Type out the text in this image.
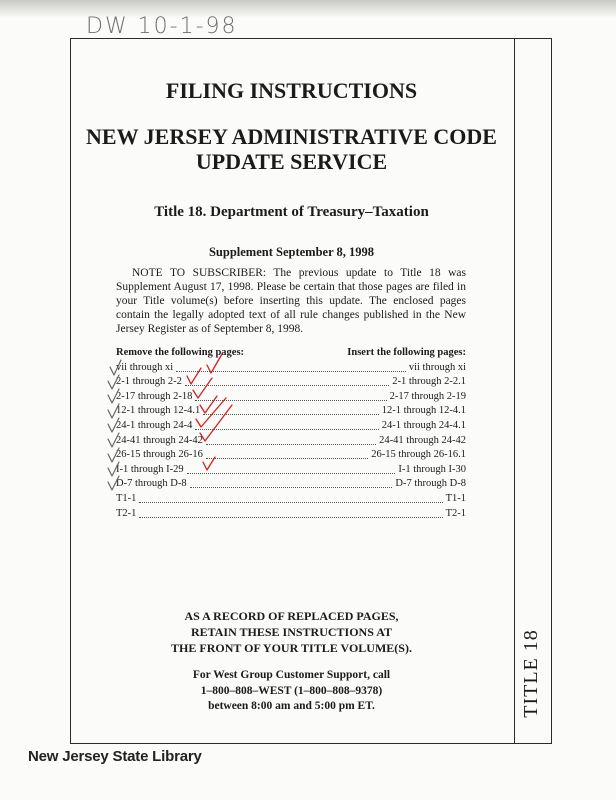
DW 10-1-98
TITLE 18
FILING INSTRUCTIONS
NEW JERSEY ADMINISTRATIVE CODE
UPDATE SERVICE
Title 18. Department of Treasury–Taxation
Supplement September 8, 1998
NOTE TO SUBSCRIBER: The previous update to Title 18 was Supplement August 17, 1998. Please be certain that those pages are filed in your Title volume(s) before inserting this update. The enclosed pages contain the legally adopted text of all rule changes published in the New Jersey Register as of September 8, 1998.
Remove the following pages:	Insert the following pages:
vii through xi	vii through xi
2-1 through 2-2	2-1 through 2-2.1
2-17 through 2-18	2-17 through 2-19
12-1 through 12-4.1	12-1 through 12-4.1
24-1 through 24-4	24-1 through 24-4.1
24-41 through 24-42	24-41 through 24-42
26-15 through 26-16	26-15 through 26-16.1
I-1 through I-29	I-1 through I-30
D-7 through D-8	D-7 through D-8
T1-1	T1-1
T2-1	T2-1
AS A RECORD OF REPLACED PAGES,
RETAIN THESE INSTRUCTIONS AT
THE FRONT OF YOUR TITLE VOLUME(S).
For West Group Customer Support, call
1–800–808–WEST (1–800–808–9378)
between 8:00 am and 5:00 pm ET.
New Jersey State Library
